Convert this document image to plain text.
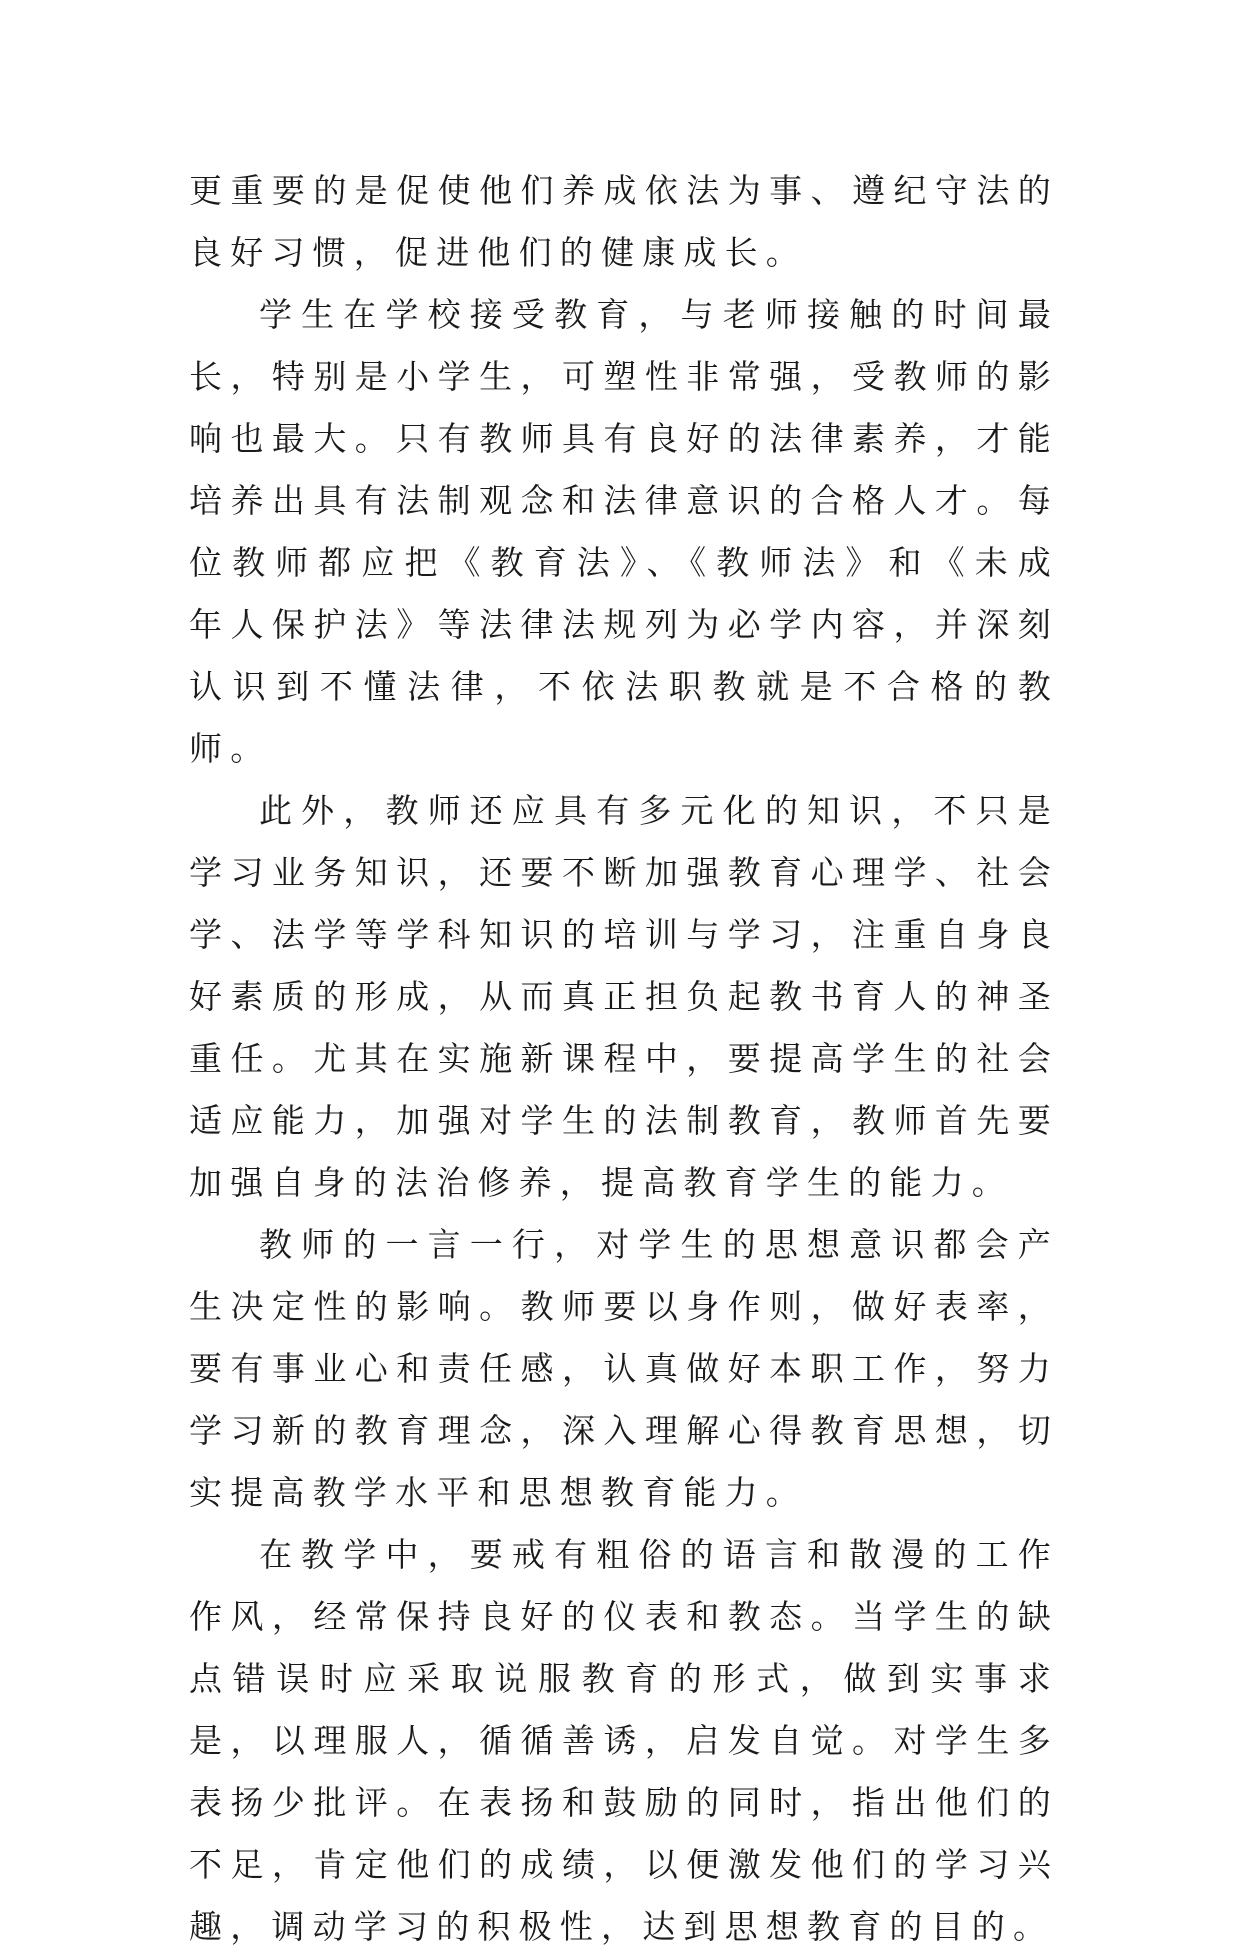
更重要的是促使他们养成依法为事、遵纪守法的良好习惯，促进他们的健康成长。

学生在学校接受教育，与老师接触的时间最长，特别是小学生，可塑性非常强，受教师的影响也最大。只有教师具有良好的法律素养，才能培养出具有法制观念和法律意识的合格人才。每位教师都应把《教育法》、《教师法》和《未成年人保护法》等法律法规列为必学内容，并深刻认识到不懂法律，不依法职教就是不合格的教师。

此外，教师还应具有多元化的知识，不只是学习业务知识，还要不断加强教育心理学、社会学、法学等学科知识的培训与学习，注重自身良好素质的形成，从而真正担负起教书育人的神圣重任。尤其在实施新课程中，要提高学生的社会适应能力，加强对学生的法制教育，教师首先要加强自身的法治修养，提高教育学生的能力。

教师的一言一行，对学生的思想意识都会产生决定性的影响。教师要以身作则，做好表率，要有事业心和责任感，认真做好本职工作，努力学习新的教育理念，深入理解心得教育思想，切实提高教学水平和思想教育能力。

在教学中，要戒有粗俗的语言和散漫的工作作风，经常保持良好的仪表和教态。当学生的缺点错误时应采取说服教育的形式，做到实事求是，以理服人，循循善诱，启发自觉。对学生多表扬少批评。在表扬和鼓励的同时，指出他们的不足，肯定他们的成绩，以便激发他们的学习兴趣，调动学习的积极性，达到思想教育的目的。
